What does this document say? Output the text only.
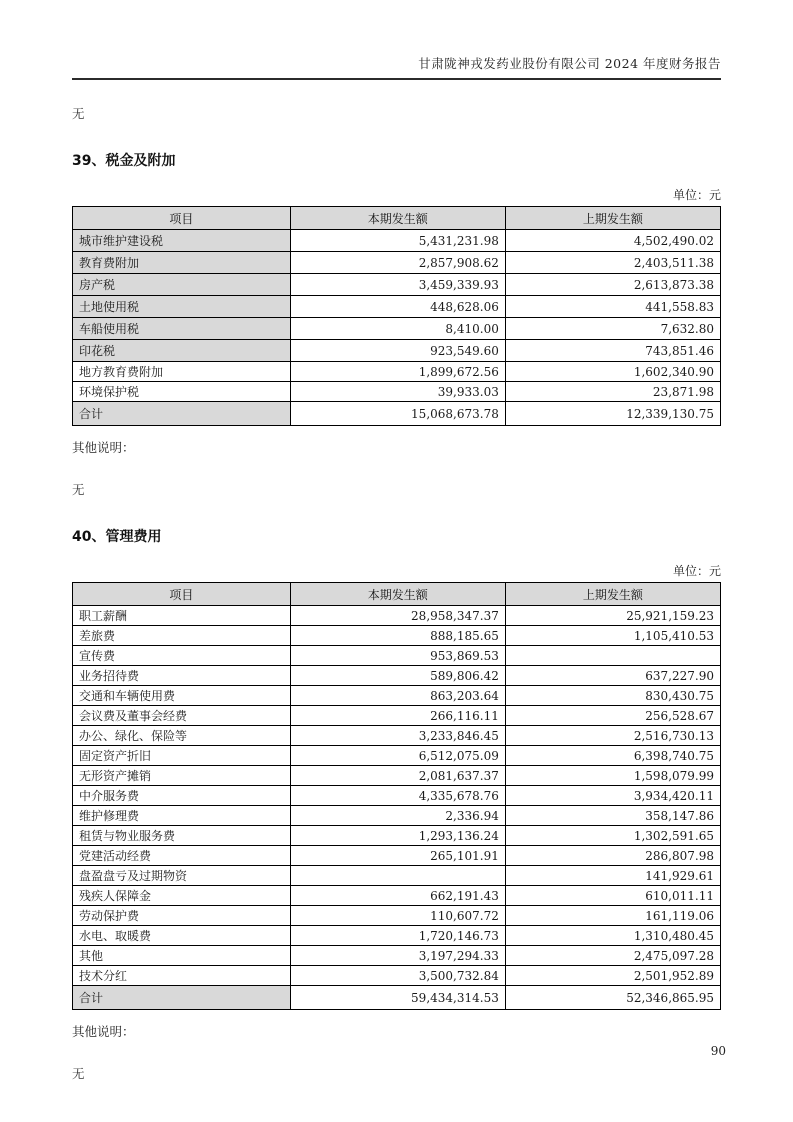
甘肃陇神戎发药业股份有限公司 2024 年度财务报告
无
39、税金及附加
单位：元
项目	本期发生额	上期发生额
城市维护建设税	5,431,231.98	4,502,490.02
教育费附加	2,857,908.62	2,403,511.38
房产税	3,459,339.93	2,613,873.38
土地使用税	448,628.06	441,558.83
车船使用税	8,410.00	7,632.80
印花税	923,549.60	743,851.46
地方教育费附加	1,899,672.56	1,602,340.90
环境保护税	39,933.03	23,871.98
合计	15,068,673.78	12,339,130.75
其他说明：
无
40、管理费用
单位：元
项目	本期发生额	上期发生额
职工薪酬	28,958,347.37	25,921,159.23
差旅费	888,185.65	1,105,410.53
宣传费	953,869.53	
业务招待费	589,806.42	637,227.90
交通和车辆使用费	863,203.64	830,430.75
会议费及董事会经费	266,116.11	256,528.67
办公、绿化、保险等	3,233,846.45	2,516,730.13
固定资产折旧	6,512,075.09	6,398,740.75
无形资产摊销	2,081,637.37	1,598,079.99
中介服务费	4,335,678.76	3,934,420.11
维护修理费	2,336.94	358,147.86
租赁与物业服务费	1,293,136.24	1,302,591.65
党建活动经费	265,101.91	286,807.98
盘盈盘亏及过期物资		141,929.61
残疾人保障金	662,191.43	610,011.11
劳动保护费	110,607.72	161,119.06
水电、取暖费	1,720,146.73	1,310,480.45
其他	3,197,294.33	2,475,097.28
技术分红	3,500,732.84	2,501,952.89
合计	59,434,314.53	52,346,865.95
其他说明：
无
90
